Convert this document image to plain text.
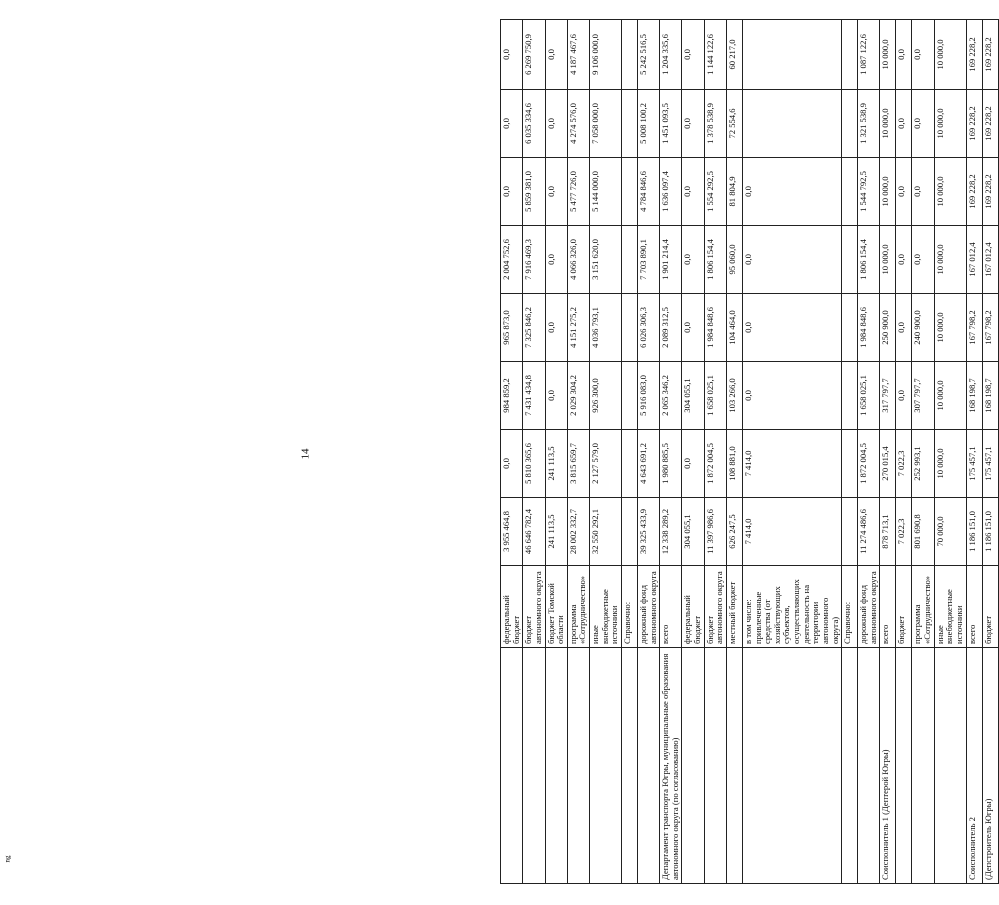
14
ng
	федеральный бюджет	3 955 464,8	0,0	984 859,2	965 873,0	2 004 752,6	0,0	0,0	0,0
	бюджет автономного округа	46 646 782,4	5 810 365,6	7 431 434,8	7 325 846,2	7 916 469,3	5 859 381,0	6 035 334,6	6 269 750,9
	бюджет Томской области	241 113,5	241 113,5	0,0	0,0	0,0	0,0	0,0	0,0
	программа «Сотрудничество»	28 002 332,7	3 815 659,7	2 029 304,2	4 151 275,2	4 066 326,0	5 477 726,0	4 274 576,0	4 187 467,6
	иные внебюджетные источники	32 550 292,1	2 127 579,0	926 300,0	4 036 793,1	3 151 620,0	5 144 000,0	7 058 000,0	9 106 000,0
	Справочно:								
	дорожный фонд автономного округа	39 325 433,9	4 643 691,2	5 916 083,0	6 026 306,3	7 703 890,1	4 784 846,6	5 008 100,2	5 242 516,5
Департамент транспорта Югры, муниципальные образования автономного округа (по согласованию)	всего	12 338 289,2	1 980 885,5	2 065 346,2	2 089 312,5	1 901 214,4	1 636 097,4	1 451 093,5	1 204 335,6
	федеральный бюджет	304 055,1	0,0	304 055,1	0,0	0,0	0,0	0,0	0,0
	бюджет автономного округа	11 397 986,6	1 872 004,5	1 658 025,1	1 984 848,6	1 806 154,4	1 554 292,5	1 378 538,9	1 144 122,6
	местный бюджет	626 247,5	108 881,0	103 266,0	104 464,0	95 060,0	81 804,9	72 554,6	60 217,0
	в том числе: привлеченные средства (от хозяйствующих субъектов, осуществляющих деятельность на территории автономного округа)	7 414,0	7 414,0	0,0	0,0	0,0	0,0		
	Справочно:								
	дорожный фонд автономного округа	11 274 486,6	1 872 004,5	1 658 025,1	1 984 848,6	1 806 154,4	1 544 792,5	1 321 538,9	1 087 122,6
Соисполнитель 1 (Дептерой Югры)	всего	878 713,1	270 015,4	317 797,7	250 900,0	10 000,0	10 000,0	10 000,0	10 000,0
	бюджет	7 022,3	7 022,3	0,0	0,0	0,0	0,0	0,0	0,0
	программа «Сотрудничество»	801 690,8	252 993,1	307 797,7	240 900,0	0,0	0,0	0,0	0,0
	иные внебюджетные источники	70 000,0	10 000,0	10 000,0	10 000,0	10 000,0	10 000,0	10 000,0	10 000,0
Соисполнитель 2	всего	1 186 151,0	175 457,1	168 198,7	167 798,2	167 012,4	169 228,2	169 228,2	169 228,2
(Депстроитель Югры)	бюджет	1 186 151,0	175 457,1	168 198,7	167 798,2	167 012,4	169 228,2	169 228,2	169 228,2
